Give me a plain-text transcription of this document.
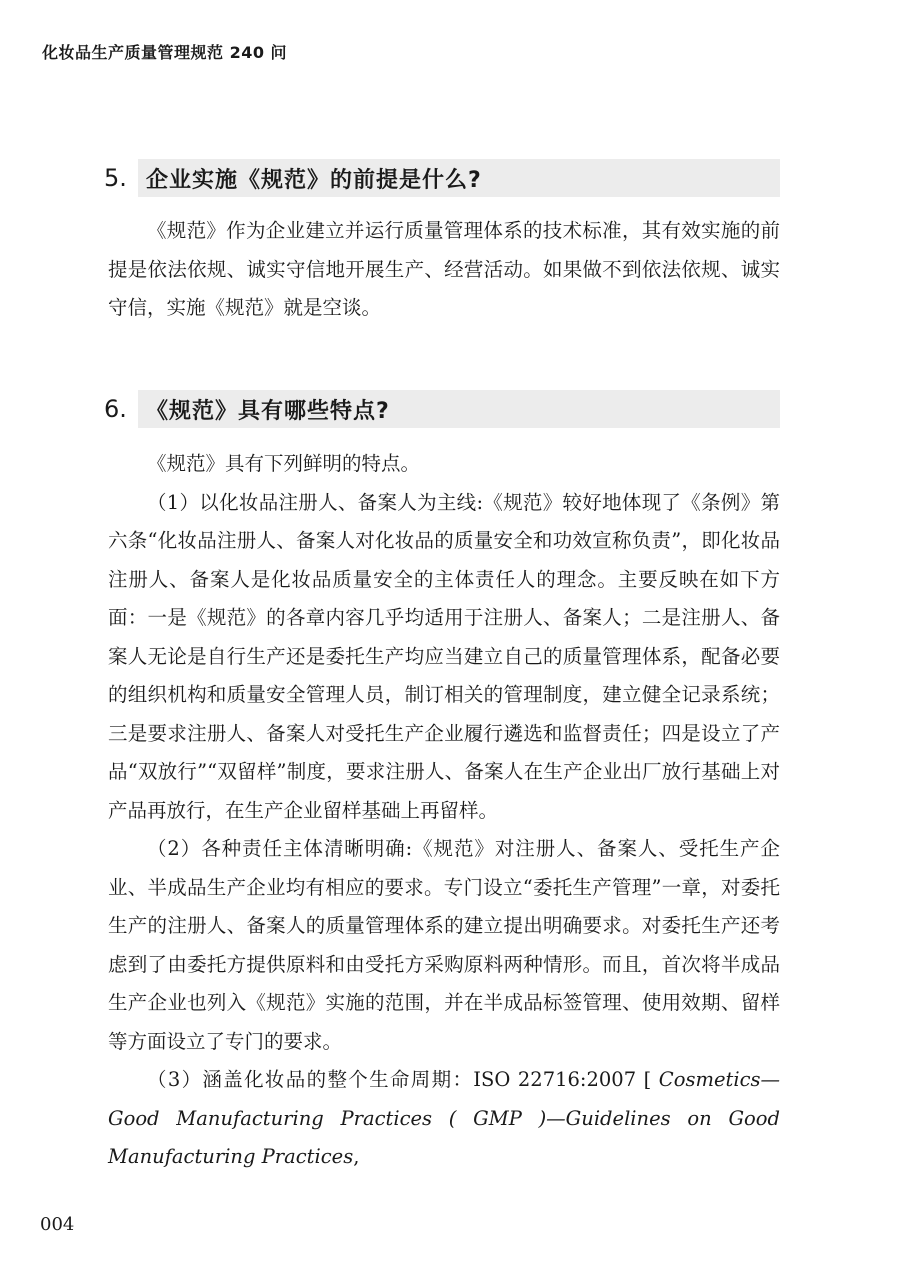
化妆品生产质量管理规范 240 问
5. 企业实施《规范》的前提是什么?

《规范》作为企业建立并运行质量管理体系的技术标准，其有效实施的前提是依法依规、诚实守信地开展生产、经营活动。如果做不到依法依规、诚实守信，实施《规范》就是空谈。

6. 《规范》具有哪些特点?

《规范》具有下列鲜明的特点。

（1）以化妆品注册人、备案人为主线:《规范》较好地体现了《条例》第六条“化妆品注册人、备案人对化妆品的质量安全和功效宣称负责”，即化妆品注册人、备案人是化妆品质量安全的主体责任人的理念。主要反映在如下方面：一是《规范》的各章内容几乎均适用于注册人、备案人；二是注册人、备案人无论是自行生产还是委托生产均应当建立自己的质量管理体系，配备必要的组织机构和质量安全管理人员，制订相关的管理制度，建立健全记录系统；三是要求注册人、备案人对受托生产企业履行遴选和监督责任；四是设立了产品“双放行”“双留样”制度，要求注册人、备案人在生产企业出厂放行基础上对产品再放行，在生产企业留样基础上再留样。

（2）各种责任主体清晰明确:《规范》对注册人、备案人、受托生产企业、半成品生产企业均有相应的要求。专门设立“委托生产管理”一章，对委托生产的注册人、备案人的质量管理体系的建立提出明确要求。对委托生产还考虑到了由委托方提供原料和由受托方采购原料两种情形。而且，首次将半成品生产企业也列入《规范》实施的范围，并在半成品标签管理、使用效期、留样等方面设立了专门的要求。

（3）涵盖化妆品的整个生命周期：ISO 22716:2007 [ Cosmetics—Good Manufacturing Practices ( GMP )—Guidelines on Good Manufacturing Practices,

004
